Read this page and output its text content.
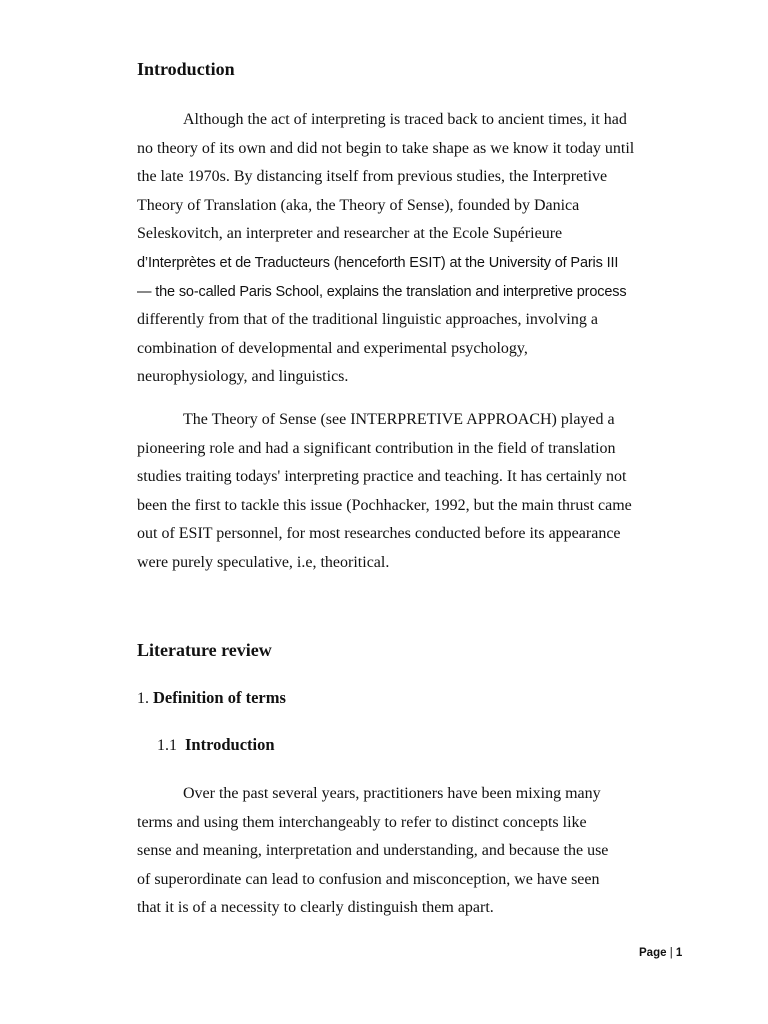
Introduction
Although the act of interpreting is traced back to ancient times, it had
no theory of its own and did not begin to take shape as we know it today until
the late 1970s. By distancing itself from previous studies, the Interpretive
Theory of Translation (aka, the Theory of Sense), founded by Danica
Seleskovitch, an interpreter and researcher at the Ecole Supérieure
d’Interprètes et de Traducteurs (henceforth ESIT) at the University of Paris III
— the so-called Paris School, explains the translation and interpretive process
differently from that of the traditional linguistic approaches, involving a
combination of developmental and experimental psychology,
neurophysiology, and linguistics.
The Theory of Sense (see INTERPRETIVE APPROACH) played a
pioneering role and had a significant contribution in the field of translation
studies traiting todays' interpreting practice and teaching. It has certainly not
been the first to tackle this issue (Pochhacker, 1992, but the main thrust came
out of ESIT personnel, for most researches conducted before its appearance
were purely speculative, i.e, theoritical.
Literature review

1. Definition of terms

1.1 Introduction

Over the past several years, practitioners have been mixing many
terms and using them interchangeably to refer to distinct concepts like
sense and meaning, interpretation and understanding, and because the use
of superordinate can lead to confusion and misconception, we have seen
that it is of a necessity to clearly distinguish them apart.
Page | 1
